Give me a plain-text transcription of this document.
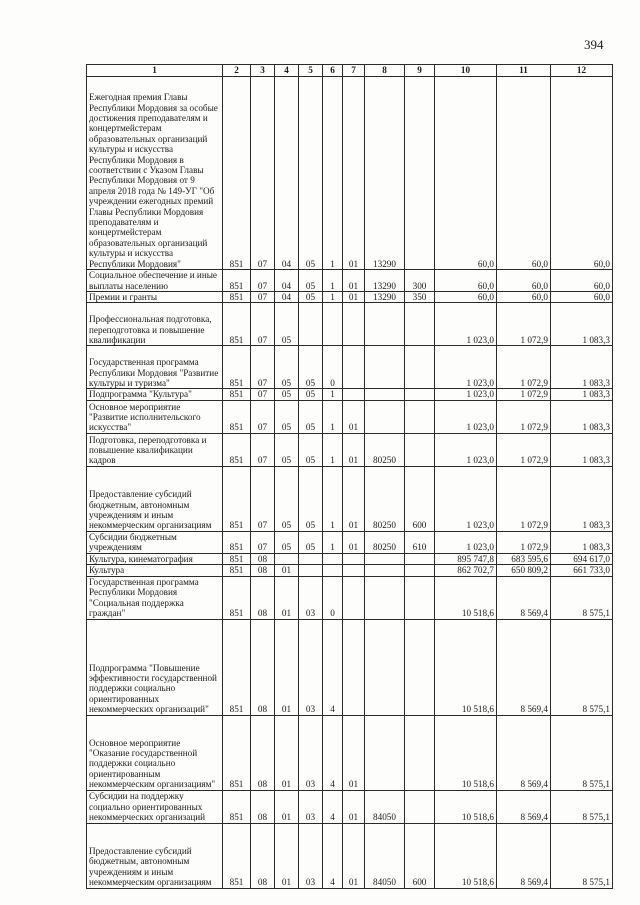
394
1	2	3	4	5	6	7	8	9	10	11	12
Ежегодная премия Главы Республики Мордовия за особые достижения преподавателям и концертмейстерам образовательных организаций культуры и искусства Республики Мордовия в соответствии с Указом Главы Республики Мордовия от 9 апреля 2018 года № 149-УГ "Об учреждении ежегодных премий Главы Республики Мордовия преподавателям и концертмейстерам образовательных организаций культуры и искусства Республики Мордовия"	851	07	04	05	1	01	13290		60,0	60,0	60,0
Социальное обеспечение и иные выплаты населению	851	07	04	05	1	01	13290	300	60,0	60,0	60,0
Премии и гранты	851	07	04	05	1	01	13290	350	60,0	60,0	60,0
Профессиональная подготовка, переподготовка и повышение квалификации	851	07	05						1 023,0	1 072,9	1 083,3
Государственная программа Республики Мордовия "Развитие культуры и туризма"	851	07	05	05	0				1 023,0	1 072,9	1 083,3
Подпрограмма "Культура"	851	07	05	05	1				1 023,0	1 072,9	1 083,3
Основное мероприятие "Развитие исполнительского искусства"	851	07	05	05	1	01			1 023,0	1 072,9	1 083,3
Подготовка, переподготовка и повышение квалификации кадров	851	07	05	05	1	01	80250		1 023,0	1 072,9	1 083,3
Предоставление субсидий бюджетным, автономным учреждениям и иным некоммерческим организациям	851	07	05	05	1	01	80250	600	1 023,0	1 072,9	1 083,3
Субсидии бюджетным учреждениям	851	07	05	05	1	01	80250	610	1 023,0	1 072,9	1 083,3
Культура, кинематография	851	08							895 747,8	683 595,6	694 617,0
Культура	851	08	01						862 702,7	650 809,2	661 733,0
Государственная программа Республики Мордовия "Социальная поддержка граждан"	851	08	01	03	0				10 518,6	8 569,4	8 575,1
Подпрограмма "Повышение эффективности государственной поддержки социально ориентированных некоммерческих организаций"	851	08	01	03	4				10 518,6	8 569,4	8 575,1
Основное мероприятие "Оказание государственной поддержки социально ориентированным некоммерческим организациям"	851	08	01	03	4	01			10 518,6	8 569,4	8 575,1
Субсидии на поддержку социально ориентированных некоммерческих организаций	851	08	01	03	4	01	84050		10 518,6	8 569,4	8 575,1
Предоставление субсидий бюджетным, автономным учреждениям и иным некоммерческим организациям	851	08	01	03	4	01	84050	600	10 518,6	8 569,4	8 575,1
